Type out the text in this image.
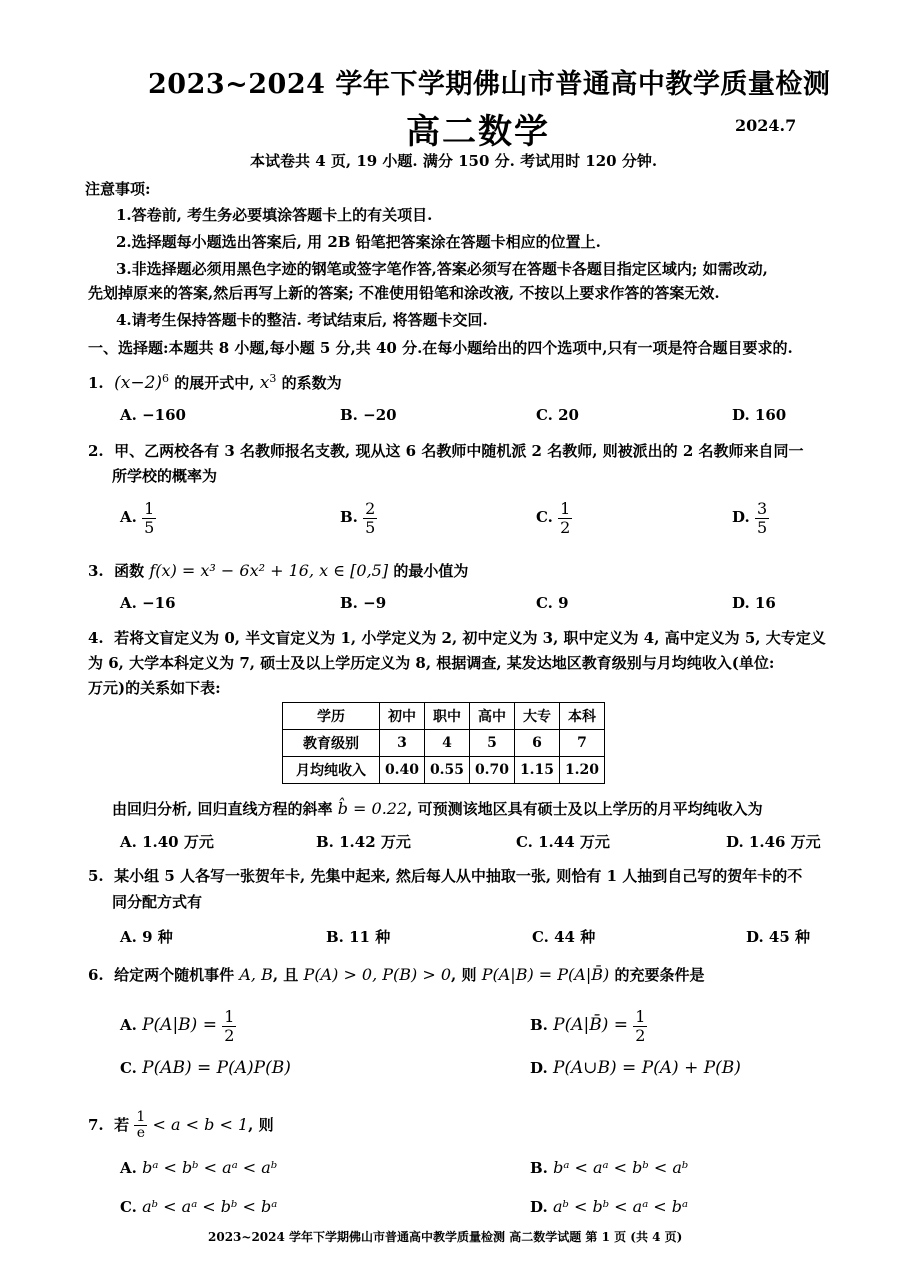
2023~2024 学年下学期佛山市普通高中教学质量检测
高二数学	2024.7
本试卷共 4 页, 19 小题. 满分 150 分. 考试用时 120 分钟.
注意事项:
1.答卷前, 考生务必要填涂答题卡上的有关项目.
2.选择题每小题选出答案后, 用 2B 铅笔把答案涂在答题卡相应的位置上.
3.非选择题必须用黑色字迹的钢笔或签字笔作答,答案必须写在答题卡各题目指定区域内; 如需改动,
先划掉原来的答案,然后再写上新的答案; 不准使用铅笔和涂改液, 不按以上要求作答的答案无效.
4.请考生保持答题卡的整洁. 考试结束后, 将答题卡交回.
一、选择题:本题共 8 小题,每小题 5 分,共 40 分.在每小题给出的四个选项中,只有一项是符合题目要求的.
1. $(x-2)^6$ 的展开式中, $x^3$ 的系数为
A. −160	B. −20	C. 20	D. 160
2. 甲、乙两校各有 3 名教师报名支教, 现从这 6 名教师中随机派 2 名教师, 则被派出的 2 名教师来自同一
所学校的概率为
A. $\frac{1}{5}$	B. $\frac{2}{5}$	C. $\frac{1}{2}$	D. $\frac{3}{5}$
3. 函数 f(x) = x³ − 6x² + 16, x ∈ [0,5] 的最小值为
A. −16	B. −9	C. 9	D. 16
4. 若将文盲定义为 0, 半文盲定义为 1, 小学定义为 2, 初中定义为 3, 职中定义为 4, 高中定义为 5, 大专定义
为 6, 大学本科定义为 7, 硕士及以上学历定义为 8, 根据调查, 某发达地区教育级别与月均纯收入(单位:
万元)的关系如下表:
学历	初中	职中	高中	大专	本科
教育级别	3	4	5	6	7
月均纯收入	0.40	0.55	0.70	1.15	1.20
由回归分析, 回归直线方程的斜率 b̂ = 0.22, 可预测该地区具有硕士及以上学历的月平均纯收入为
A. 1.40 万元	B. 1.42 万元	C. 1.44 万元	D. 1.46 万元
5. 某小组 5 人各写一张贺年卡, 先集中起来, 然后每人从中抽取一张, 则恰有 1 人抽到自己写的贺年卡的不
同分配方式有
A. 9 种	B. 11 种	C. 44 种	D. 45 种
6. 给定两个随机事件 A, B, 且 P(A) > 0, P(B) > 0, 则 P(A|B) = P(A|B̄) 的充要条件是
A. $P(A|B) = \frac{1}{2}$	B. P(A|B̄) = $\frac{1}{2}$
C. P(AB) = P(A)P(B)	D. P(A∪B) = P(A) + P(B)
7. 若 $\frac{1}{e} < a < b < 1$, 则
A. bᵃ < bᵇ < aᵃ < aᵇ	B. bᵃ < aᵃ < bᵇ < aᵇ
C. aᵇ < aᵃ < bᵇ < bᵃ	D. aᵇ < bᵇ < aᵃ < bᵃ
2023~2024 学年下学期佛山市普通高中教学质量检测 高二数学试题 第 1 页 (共 4 页)
